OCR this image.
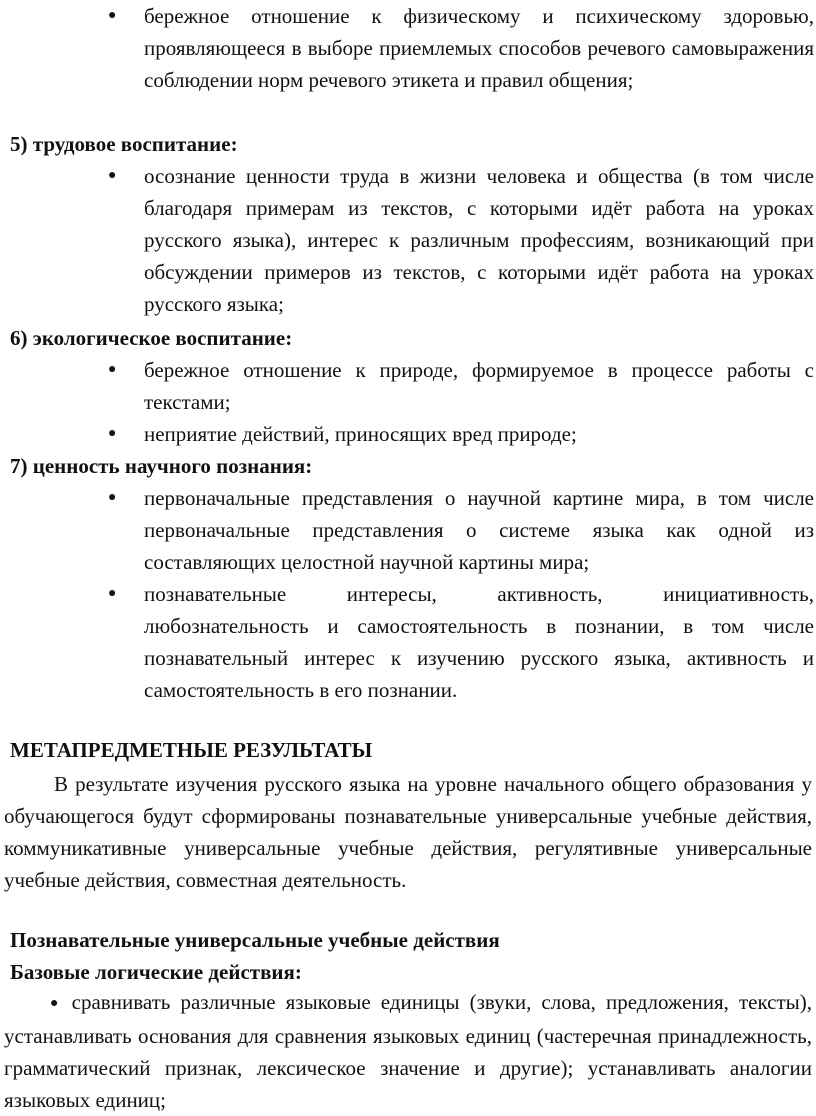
● бережное отношение к физическому и психическому здоровью, проявляющееся в выборе приемлемых способов речевого самовыражения соблюдении норм речевого этикета и правил общения;
5) трудовое воспитание:
● осознание ценности труда в жизни человека и общества (в том числе благодаря примерам из текстов, с которыми идёт работа на уроках русского языка), интерес к различным профессиям, возникающий при обсуждении примеров из текстов, с которыми идёт работа на уроках русского языка;
6) экологическое воспитание:
● бережное отношение к природе, формируемое в процессе работы с текстами;
● неприятие действий, приносящих вред природе;
7) ценность научного познания:
● первоначальные представления о научной картине мира, в том числе первоначальные представления о системе языка как одной из составляющих целостной научной картины мира;
● познавательные интересы, активность, инициативность, любознательность и самостоятельность в познании, в том числе познавательный интерес к изучению русского языка, активность и самостоятельность в его познании.
МЕТАПРЕДМЕТНЫЕ РЕЗУЛЬТАТЫ
В результате изучения русского языка на уровне начального общего образования у обучающегося будут сформированы познавательные универсальные учебные действия, коммуникативные универсальные учебные действия, регулятивные универсальные учебные действия, совместная деятельность.
Познавательные универсальные учебные действия
Базовые логические действия:
● сравнивать различные языковые единицы (звуки, слова, предложения, тексты), устанавливать основания для сравнения языковых единиц (частеречная принадлежность, грамматический признак, лексическое значение и другие); устанавливать аналогии языковых единиц;
